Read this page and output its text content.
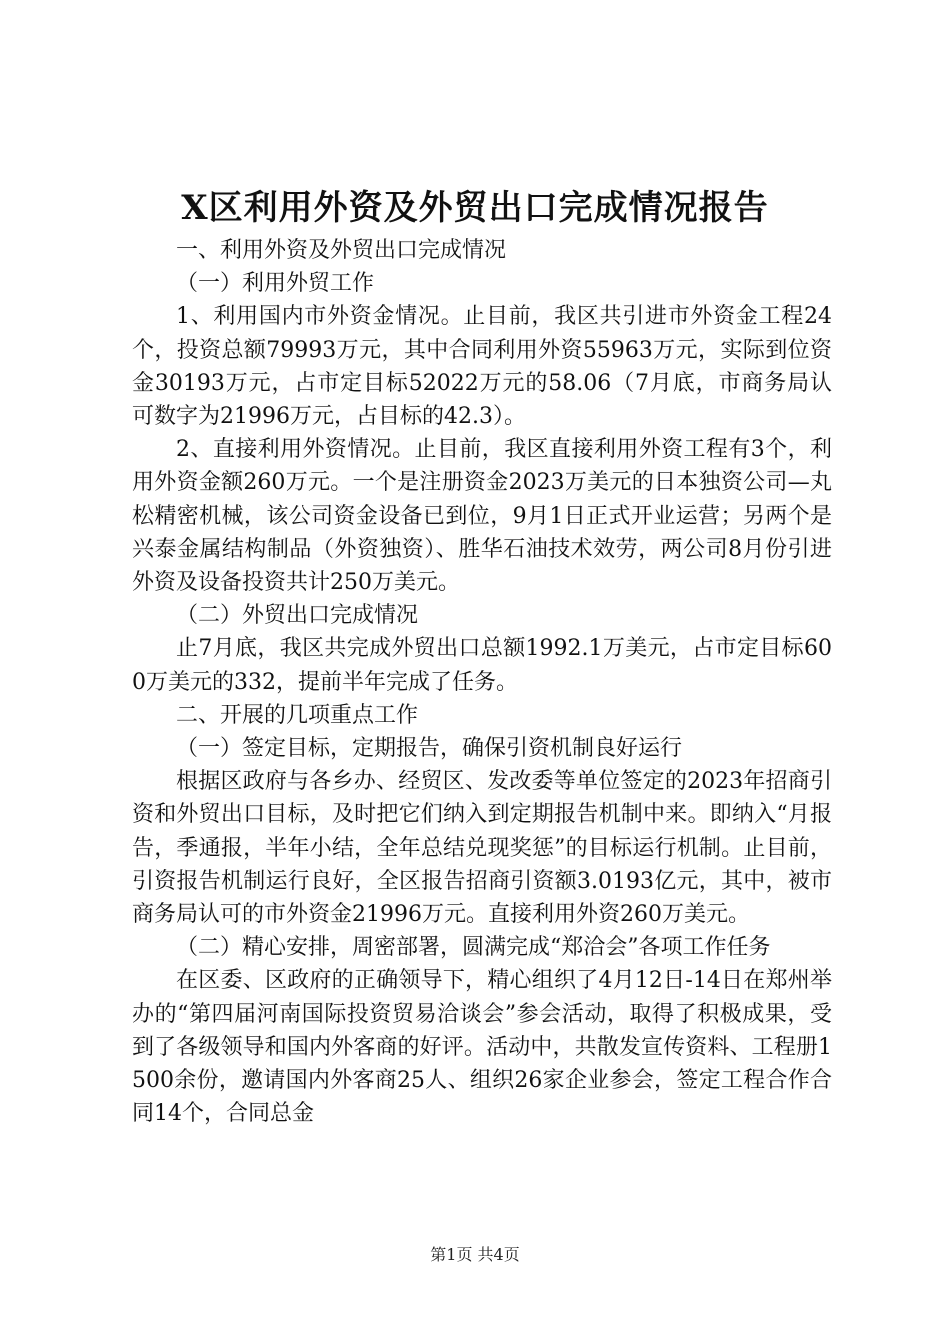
X区利用外资及外贸出口完成情况报告

一、利用外资及外贸出口完成情况

（一）利用外贸工作

1、利用国内市外资金情况。止目前，我区共引进市外资金工程24个，投资总额79993万元，其中合同利用外资55963万元，实际到位资金30193万元，占市定目标52022万元的58.06（7月底，市商务局认可数字为21996万元，占目标的42.3）。

2、直接利用外资情况。止目前，我区直接利用外资工程有3个，利用外资金额260万元。一个是注册资金2023万美元的日本独资公司—丸松精密机械，该公司资金设备已到位，9月1日正式开业运营；另两个是兴泰金属结构制品（外资独资）、胜华石油技术效劳，两公司8月份引进外资及设备投资共计250万美元。

（二）外贸出口完成情况

止7月底，我区共完成外贸出口总额1992.1万美元，占市定目标600万美元的332，提前半年完成了任务。

二、开展的几项重点工作

（一）签定目标，定期报告，确保引资机制良好运行

根据区政府与各乡办、经贸区、发改委等单位签定的2023年招商引资和外贸出口目标，及时把它们纳入到定期报告机制中来。即纳入“月报告，季通报，半年小结，全年总结兑现奖惩”的目标运行机制。止目前，引资报告机制运行良好，全区报告招商引资额3.0193亿元，其中，被市商务局认可的市外资金21996万元。直接利用外资260万美元。

（二）精心安排，周密部署，圆满完成“郑洽会”各项工作任务

在区委、区政府的正确领导下，精心组织了4月12日-14日在郑州举办的“第四届河南国际投资贸易洽谈会”参会活动，取得了积极成果，受到了各级领导和国内外客商的好评。活动中，共散发宣传资料、工程册1500余份，邀请国内外客商25人、组织26家企业参会，签定工程合作合同14个，合同总金

第1页 共4页
